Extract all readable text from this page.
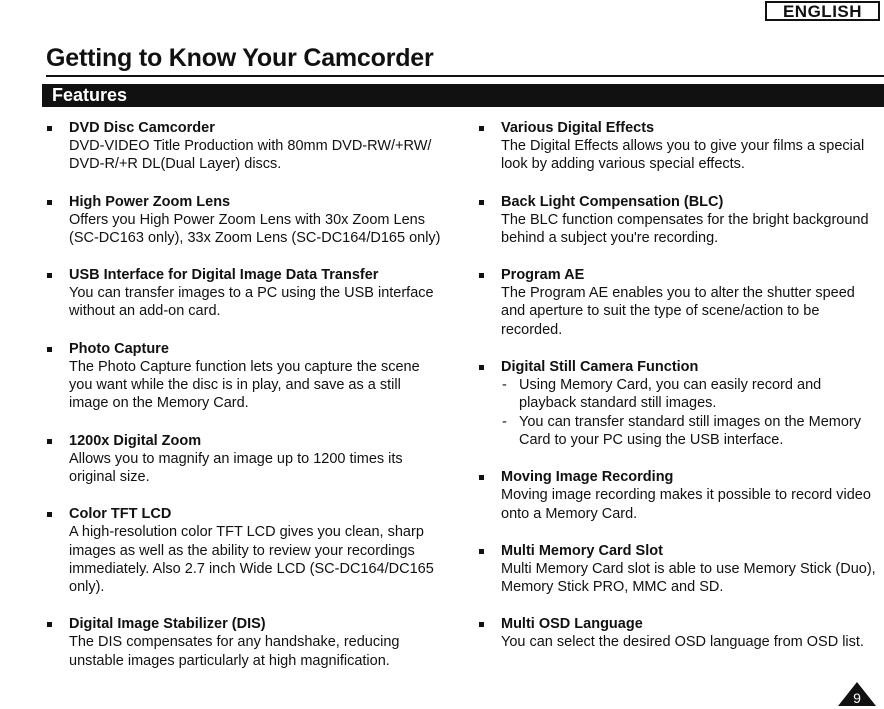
ENGLISH
Getting to Know Your Camcorder
Features
DVD Disc Camcorder
DVD-VIDEO Title Production with 80mm DVD-RW/+RW/
DVD-R/+R DL(Dual Layer) discs.
High Power Zoom Lens
Offers you High Power Zoom Lens with 30x Zoom Lens
(SC-DC163 only), 33x Zoom Lens (SC-DC164/D165 only)
USB Interface for Digital Image Data Transfer
You can transfer images to a PC using the USB interface
without an add-on card.
Photo Capture
The Photo Capture function lets you capture the scene
you want while the disc is in play, and save as a still
image on the Memory Card.
1200x Digital Zoom
Allows you to magnify an image up to 1200 times its
original size.
Color TFT LCD
A high-resolution color TFT LCD gives you clean, sharp
images as well as the ability to review your recordings
immediately. Also 2.7 inch Wide LCD (SC-DC164/DC165
only).
Digital Image Stabilizer (DIS)
The DIS compensates for any handshake, reducing
unstable images particularly at high magnification.
Various Digital Effects
The Digital Effects allows you to give your films a special
look by adding various special effects.
Back Light Compensation (BLC)
The BLC function compensates for the bright background
behind a subject you're recording.
Program AE
The Program AE enables you to alter the shutter speed
and aperture to suit the type of scene/action to be
recorded.
Digital Still Camera Function
- Using Memory Card, you can easily record and
playback standard still images.
- You can transfer standard still images on the Memory
Card to your PC using the USB interface.
Moving Image Recording
Moving image recording makes it possible to record video
onto a Memory Card.
Multi Memory Card Slot
Multi Memory Card slot is able to use Memory Stick (Duo),
Memory Stick PRO, MMC and SD.
Multi OSD Language
You can select the desired OSD language from OSD list.
9
